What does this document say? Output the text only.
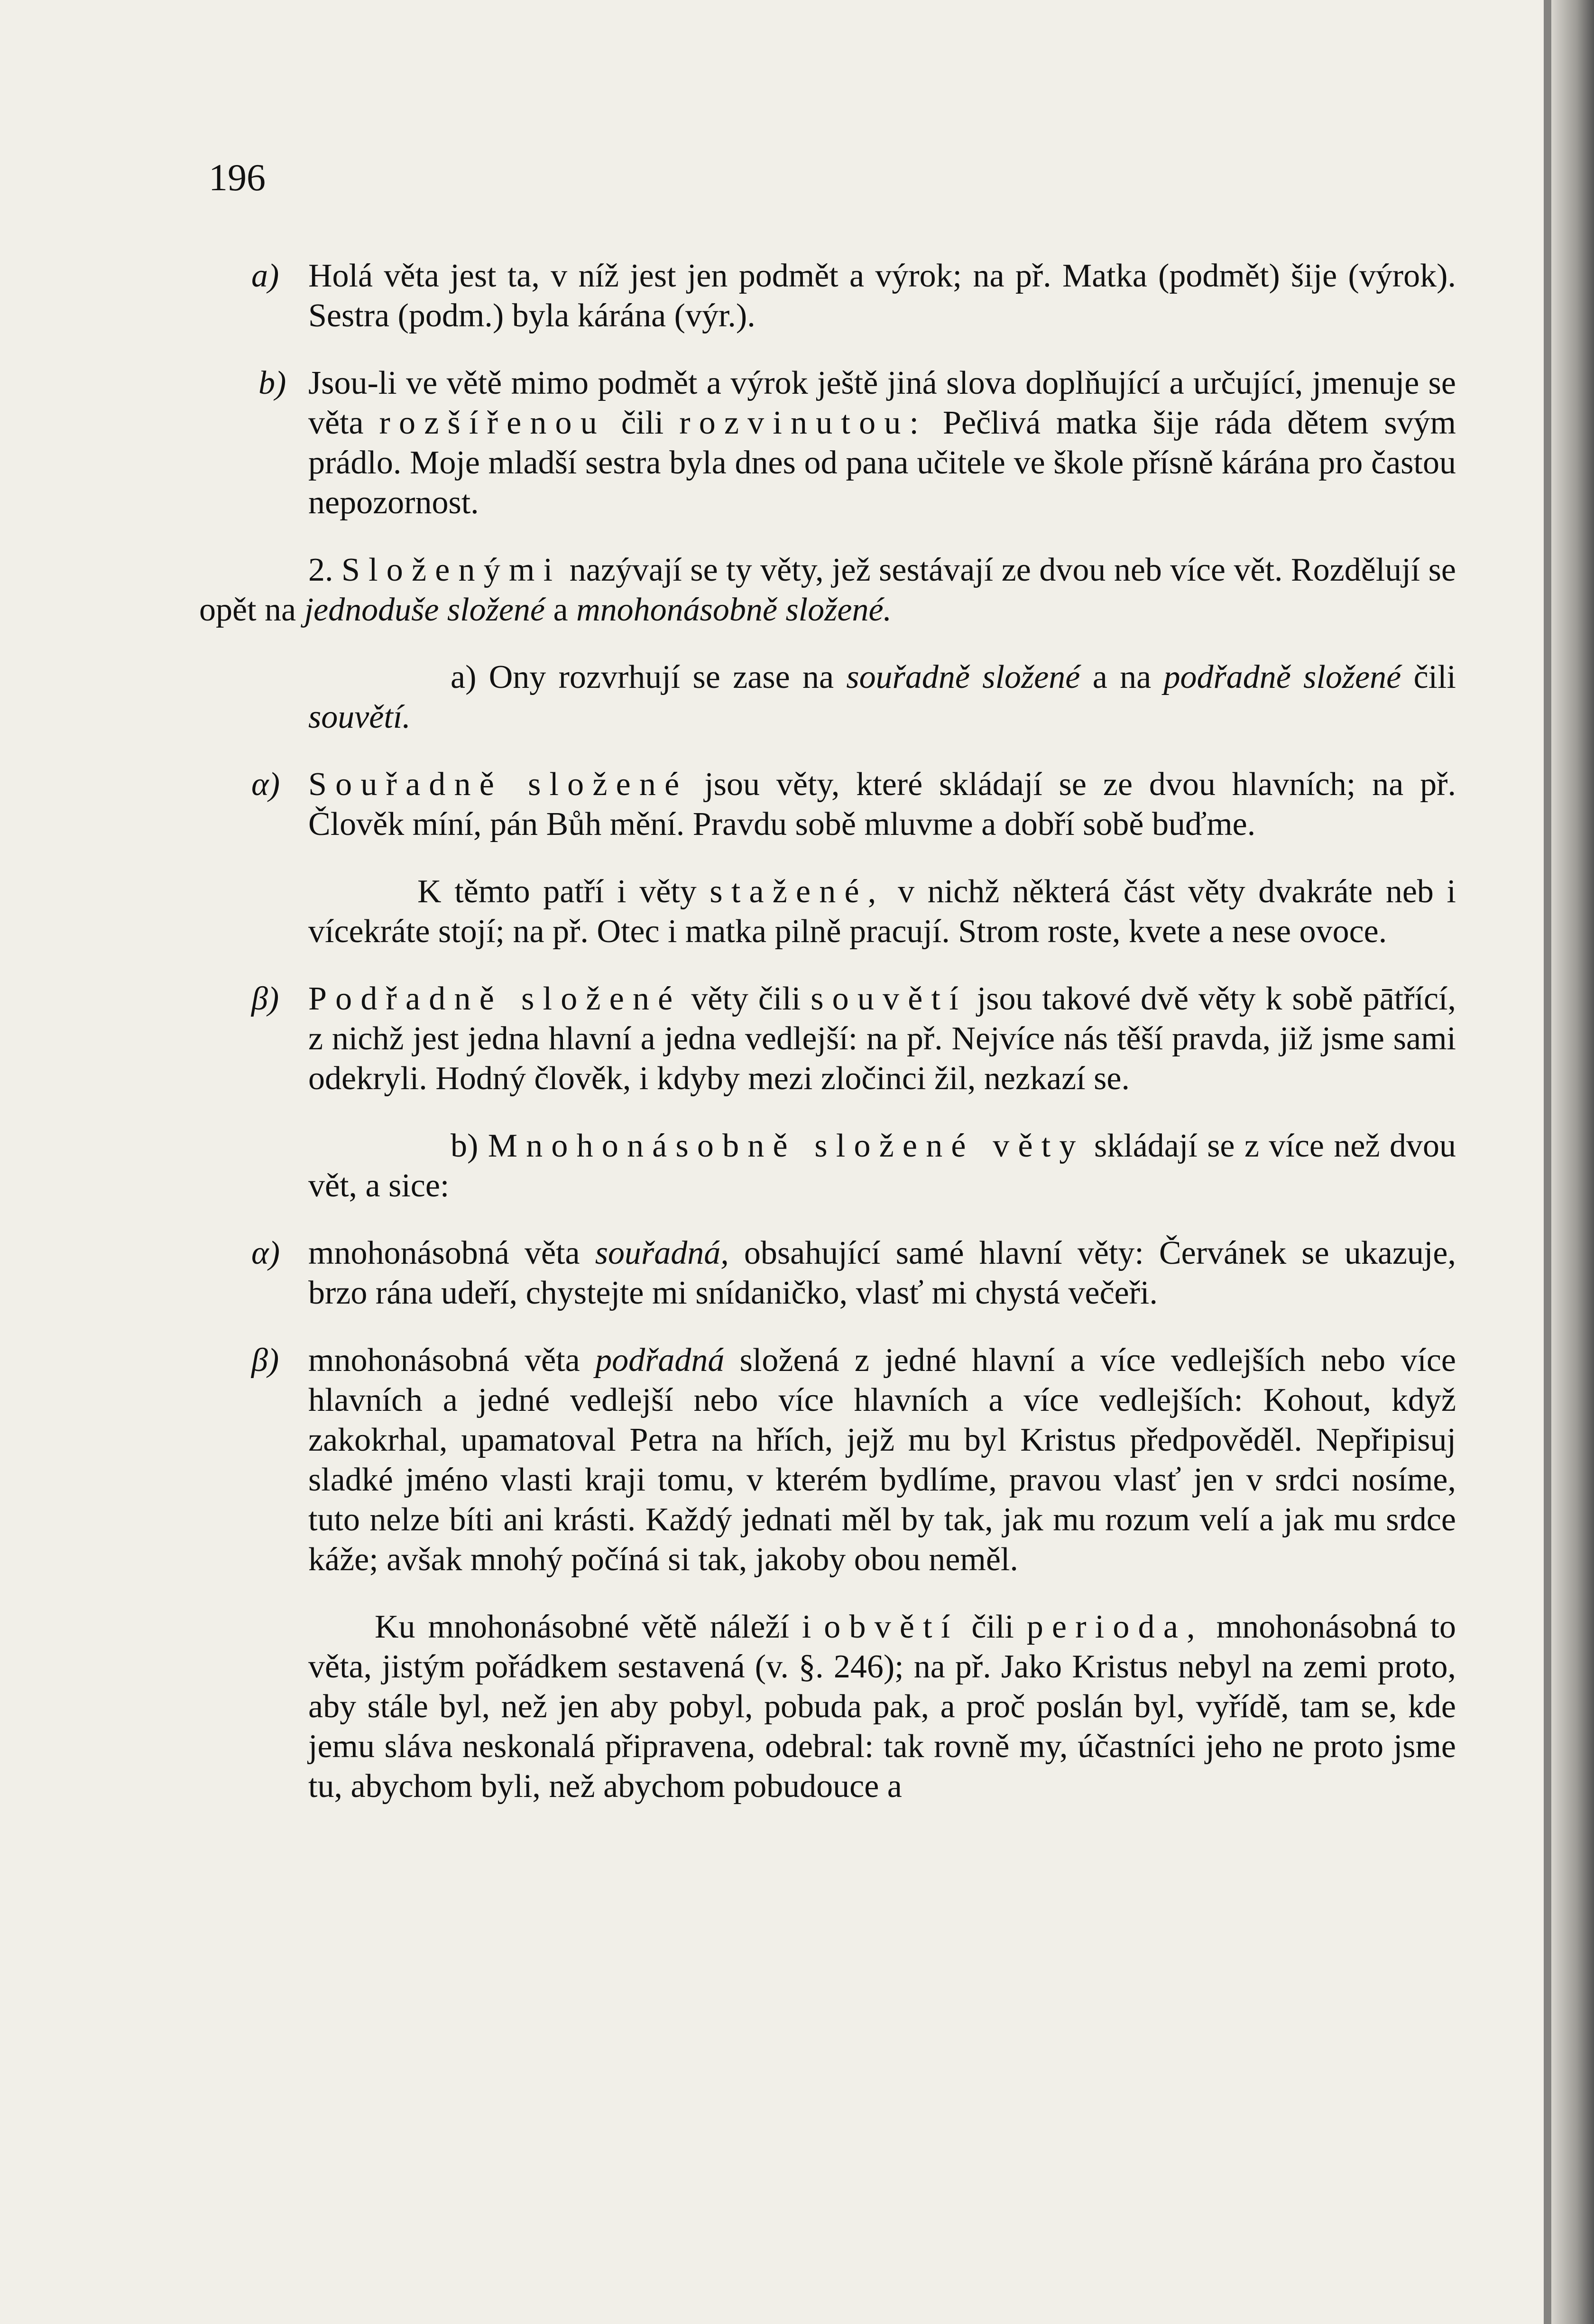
196

a) Holá věta jest ta, v níž jest jen podmět a výrok; na př. Matka (podmět) šije (výrok). Sestra (podm.) byla kárána (výr.).

b) Jsou-li ve větě mimo podmět a výrok ještě jiná slova doplňující a určující, jmenuje se věta rozšířenou čili rozvinutou: Pečlivá matka šije ráda dětem svým prádlo. Moje mladší sestra byla dnes od pana učitele ve škole přísně kárána pro častou nepozornost.

2. Složenými nazývají se ty věty, jež sestávají ze dvou neb více vět. Rozdělují se opět na jednoduše složené a mnohonásobně složené.

a) Ony rozvrhují se zase na souřadně složené a na podřadně složené čili souvětí.

α) Souřadně složené jsou věty, které skládají se ze dvou hlavních; na př. Člověk míní, pán Bůh mění. Pravdu sobě mluvme a dobří sobě buďme.

K těmto patří i věty stažené, v nichž některá část věty dvakráte neb i vícekráte stojí; na př. Otec i matka pilně pracují. Strom roste, kvete a nese ovoce.

β) Podřadně složené věty čili souvětí jsou takové dvě věty k sobě pātřící, z nichž jest jedna hlavní a jedna vedlejší: na př. Nejvíce nás těší pravda, již jsme sami odekryli. Hodný člověk, i kdyby mezi zločinci žil, nezkazí se.

b) Mnohonásobně složené věty skládají se z více než dvou vět, a sice:

α) mnohonásobná věta souřadná, obsahující samé hlavní věty: Červánek se ukazuje, brzo rána udeří, chystejte mi snídaničko, vlasť mi chystá večeři.

β) mnohonásobná věta podřadná složená z jedné hlavní a více vedlejších nebo více hlavních a jedné vedlejší nebo více hlavních a více vedlejších: Kohout, když zakokrhal, upamatoval Petra na hřích, jejž mu byl Kristus předpověděl. Nepřipisuj sladké jméno vlasti kraji tomu, v kterém bydlíme, pravou vlasť jen v srdci nosíme, tuto nelze bíti ani krásti. Každý jednati měl by tak, jak mu rozum velí a jak mu srdce káže; avšak mnohý počíná si tak, jakoby obou neměl.

Ku mnohonásobné větě náleží i obvětí čili perioda, mnohonásobná to věta, jistým pořádkem sestavená (v. §. 246); na př. Jako Kristus nebyl na zemi proto, aby stále byl, než jen aby pobyl, pobuda pak, a proč poslán byl, vyřídě, tam se, kde jemu sláva neskonalá připravena, odebral: tak rovně my, účastníci jeho ne proto jsme tu, abychom byli, než abychom pobudouce a
